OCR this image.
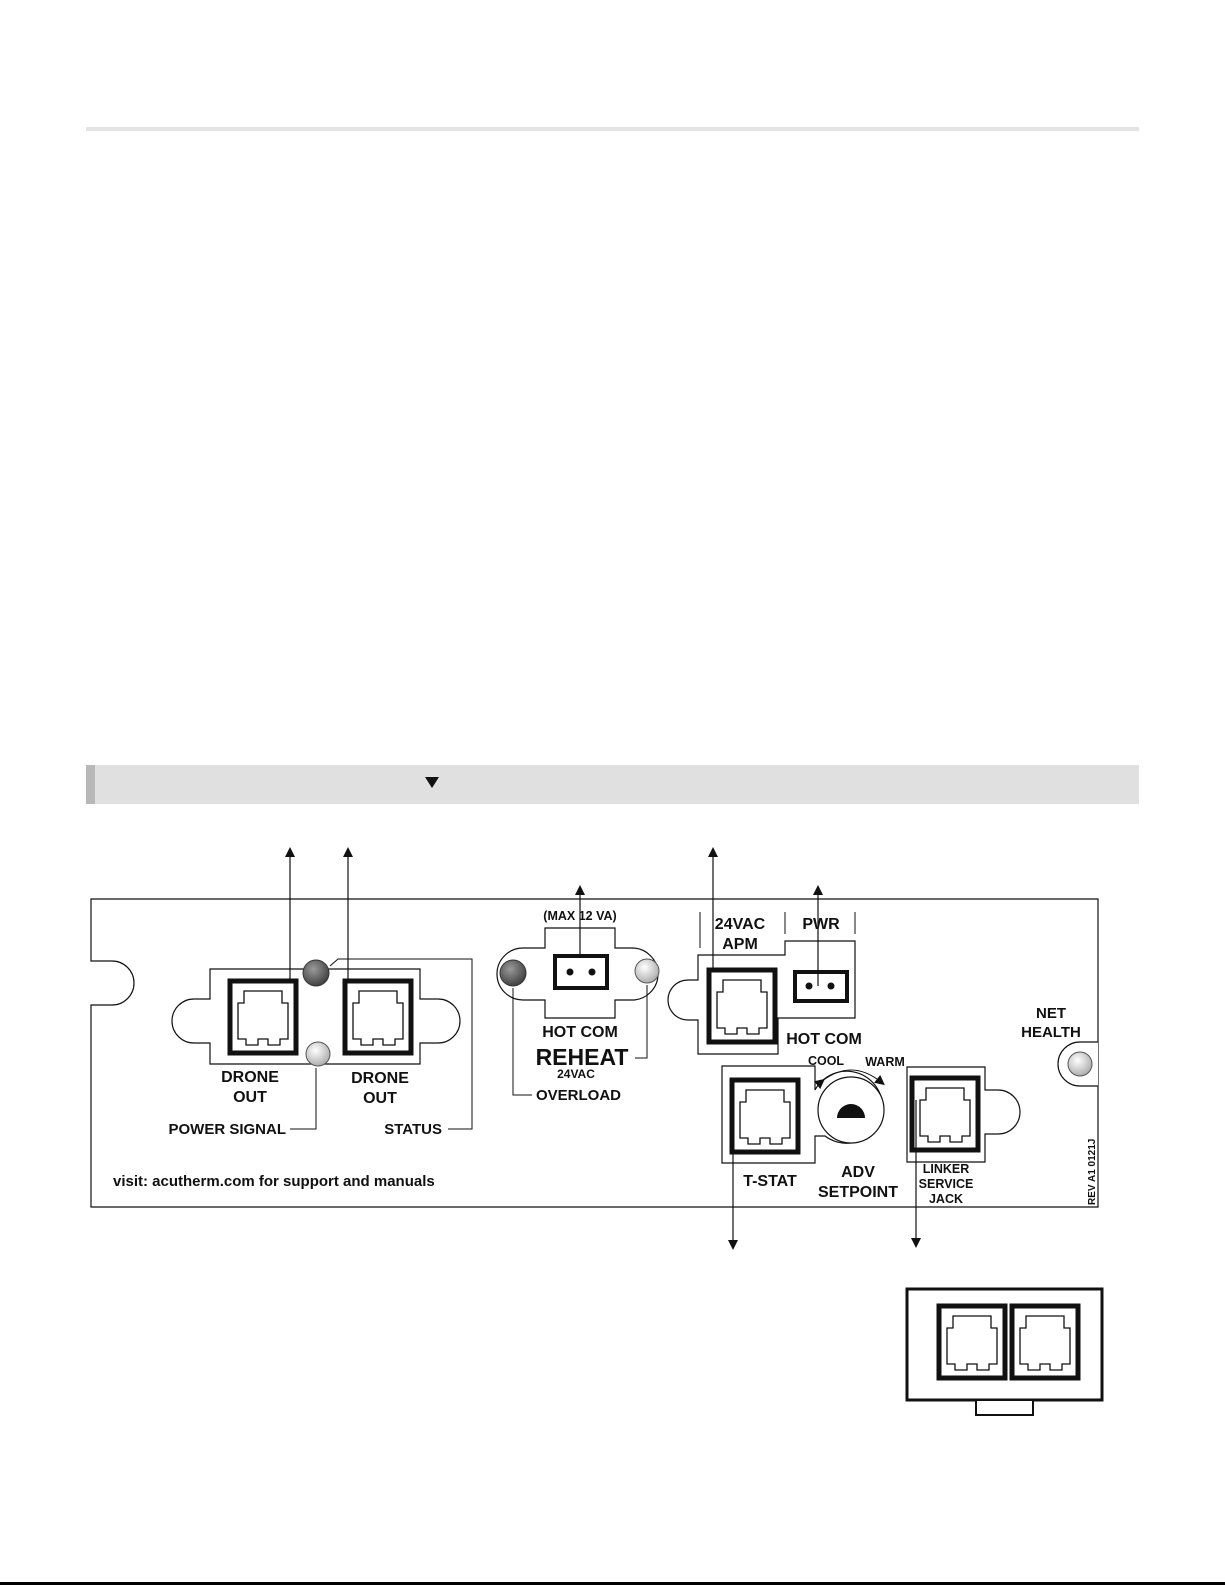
DRONE
OUT
DRONE
OUT
POWER SIGNAL	STATUS
(MAX 12 VA)
HOT COM
REHEAT
24VAC
OVERLOAD
24VAC
APM
PWR
HOT COM
NET
HEALTH
COOL WARM
T-STAT
ADV
SETPOINT
LINKER
SERVICE
JACK	REV A1 0121J
visit: acutherm.com for support and manuals
